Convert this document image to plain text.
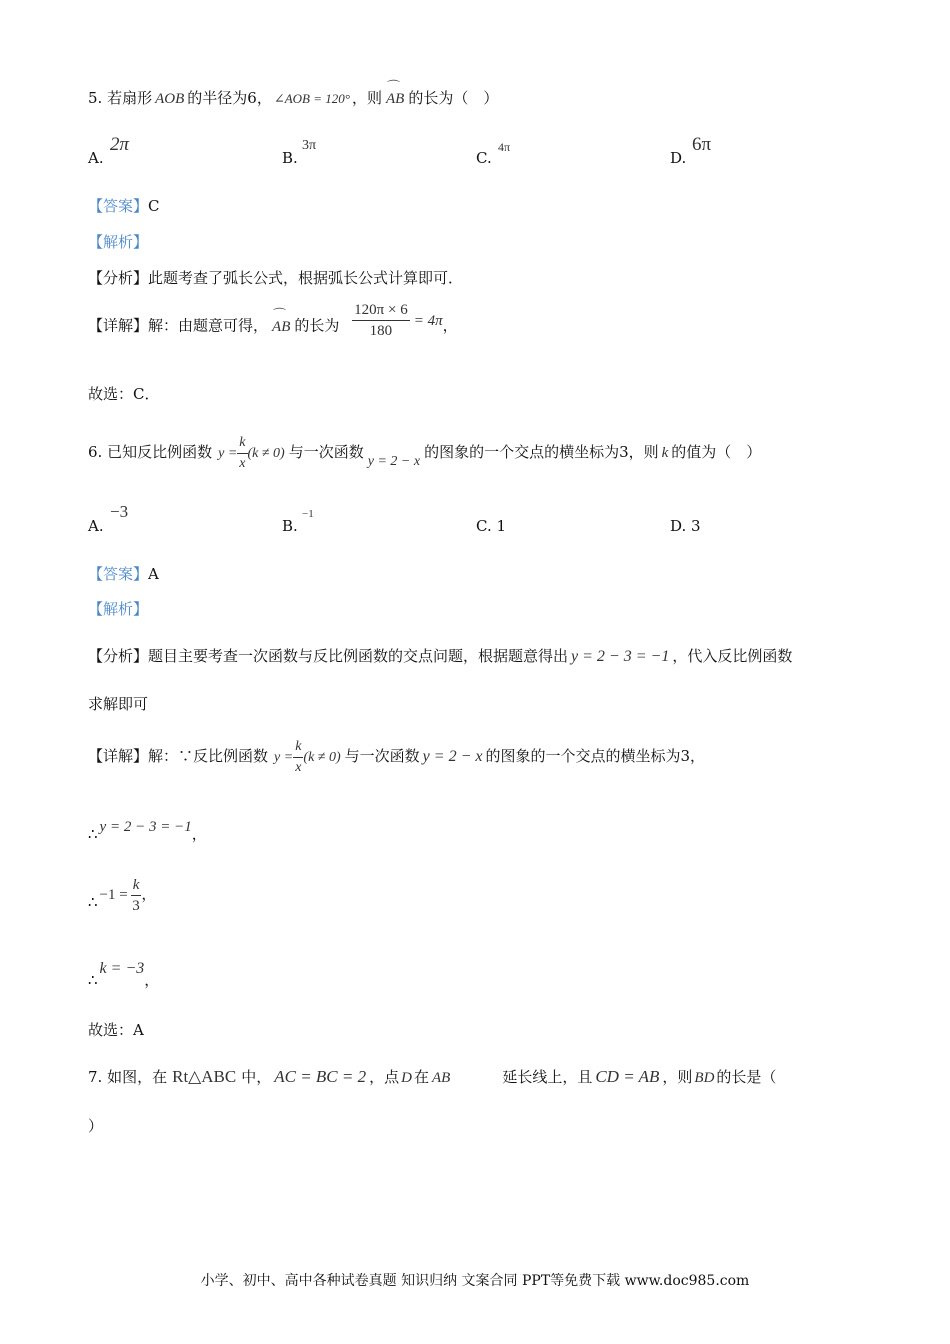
5. 若扇形 AOB 的半径为6， ∠AOB = 120° ，则
⌒
AB 的长为（　）
A.
2π
B.
3π
C.
4π
D.
6π
【答案】C
【解析】
【分析】此题考查了弧长公式，根据弧长公式计算即可．
【详解】解：由题意可得，
⌒
AB 的长为 $\frac{120\pi \times 6}{180} = 4\pi$，
故选：C．
6. 已知反比例函数 $y = \frac{k}{x} (k \ne 0)$ 与一次函数y = 2 − x的图象的一个交点的横坐标为3，则 k 的值为（　）
A.
−3
B.
−1
C. 1	D. 3
【答案】A
【解析】
【分析】题目主要考查一次函数与反比例函数的交点问题，根据题意得出 y = 2 − 3 = −1 ，代入反比例函数
求解即可
【详解】解：∵反比例函数 $y = \frac{k}{x} (k \ne 0)$ 与一次函数 y = 2 − x 的图象的一个交点的横坐标为3，
∴ y = 2 − 3 = −1，
∴ $-1 = \frac{k}{3}$ ，
∴k = −3，
故选：A
7. 如图，在 Rt△ABC 中， AC = BC = 2 ，点 D 在 AB	延长线上，且 CD = AB ，则 BD 的长是（
）
小学、初中、高中各种试卷真题 知识归纳 文案合同 PPT等免费下载 www.doc985.com
